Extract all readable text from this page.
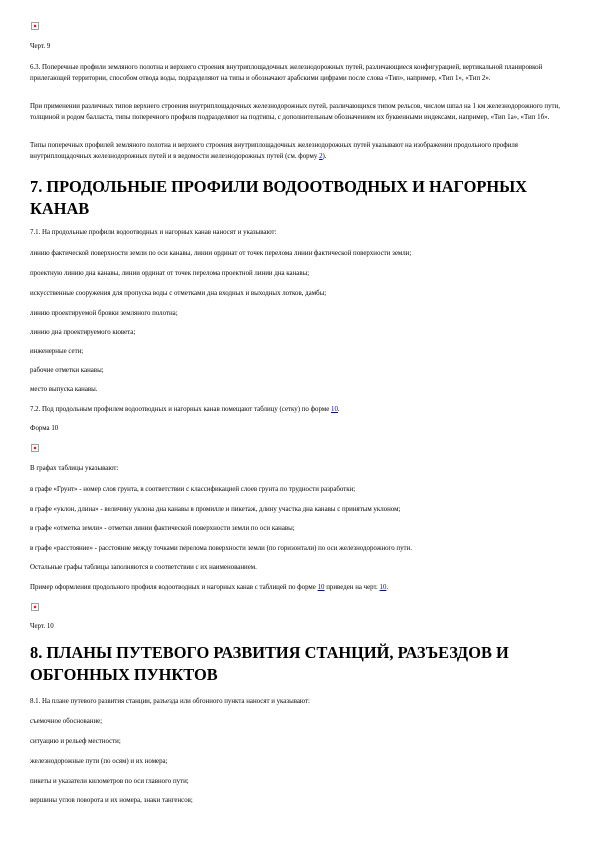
Черт. 9

6.3. Поперечные профили земляного полотна и верхнего строения внутриплощадочных железнодорожных путей, различающиеся конфигурацией, вертикальной планировкой прилегающей территории, способом отвода воды, подразделяют на типы и обозначают арабскими цифрами после слова «Тип», например, «Тип 1», «Тип 2».

При применении различных типов верхнего строения внутриплощадочных железнодорожных путей, различающихся типом рельсов, числом шпал на 1 км железнодорожного пути, толщиной и родом балласта, типы поперечного профиля подразделяют на подтипы, с дополнительным обозначением их буквенными индексами, например, «Тип 1а», «Тип 1б».

Типы поперечных профилей земляного полотна и верхнего строения внутриплощадочных железнодорожных путей указывают на изображении продольного профиля внутриплощадочных железнодорожных путей и в ведомости железнодорожных путей (см. форму 2).

7. ПРОДОЛЬНЫЕ ПРОФИЛИ ВОДООТВОДНЫХ И НАГОРНЫХ КАНАВ

7.1. На продольные профили водоотводных и нагорных канав наносят и указывают:

линию фактической поверхности земли по оси канавы, линии ординат от точек перелома линии фактической поверхности земли;

проектную линию дна канавы, линии ординат от точек перелома проектной линии дна канавы;

искусственные сооружения для пропуска воды с отметками дна входных и выходных лотков, дамбы;

линию проектируемой бровки земляного полотна;

линию дна проектируемого кювета;

инженерные сети;

рабочие отметки канавы;

место выпуска канавы.

7.2. Под продольным профилем водоотводных и нагорных канав помещают таблицу (сетку) по форме 10.

Форма 10

В графах таблицы указывают:

в графе «Грунт» - номер слоя грунта, в соответствии с классификацией слоев грунта по трудности разработки;

в графе «уклон, длина» - величину уклона дна канавы в промилле и пикетаж, длину участка дна канавы с принятым уклоном;

в графе «отметка земли» - отметки линии фактической поверхности земли по оси канавы;

в графе «расстояние» - расстояние между точками перелома поверхности земли (по горизонтали) по оси железнодорожного пути.

Остальные графы таблицы заполняются в соответствии с их наименованием.

Пример оформления продольного профиля водоотводных и нагорных канав с таблицей по форме 10 приведен на черт. 10.

Черт. 10

8. ПЛАНЫ ПУТЕВОГО РАЗВИТИЯ СТАНЦИЙ, РАЗЪЕЗДОВ И ОБГОННЫХ ПУНКТОВ

8.1. На плане путевого развития станции, разъезда или обгонного пункта наносят и указывают:

съемочное обоснование;

ситуацию и рельеф местности;

железнодорожные пути (по осям) и их номера;

пикеты и указатели километров по оси главного пути;

вершины углов поворота и их номера, знаки тангенсов;
